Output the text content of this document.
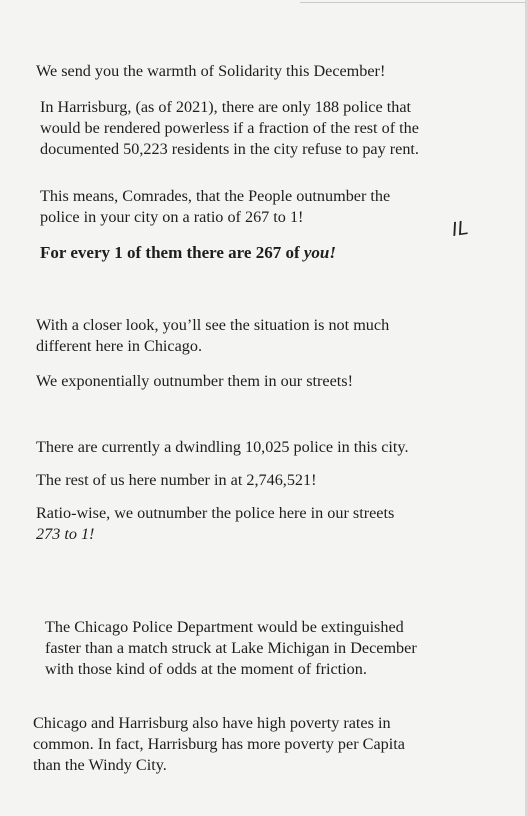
We send you the warmth of Solidarity this December!

In Harrisburg, (as of 2021), there are only 188 police that
would be rendered powerless if a fraction of the rest of the
documented 50,223 residents in the city refuse to pay rent.
This means, Comrades, that the People outnumber the
police in your city on a ratio of 267 to 1!

For every 1 of them there are 267 of you!

IL
With a closer look, you’ll see the situation is not much
different here in Chicago.

We exponentially outnumber them in our streets!

There are currently a dwindling 10,025 police in this city.

The rest of us here number in at 2,746,521!

Ratio-wise, we outnumber the police here in our streets
273 to 1!
The Chicago Police Department would be extinguished
faster than a match struck at Lake Michigan in December
with those kind of odds at the moment of friction.
Chicago and Harrisburg also have high poverty rates in
common. In fact, Harrisburg has more poverty per Capita
than the Windy City.
